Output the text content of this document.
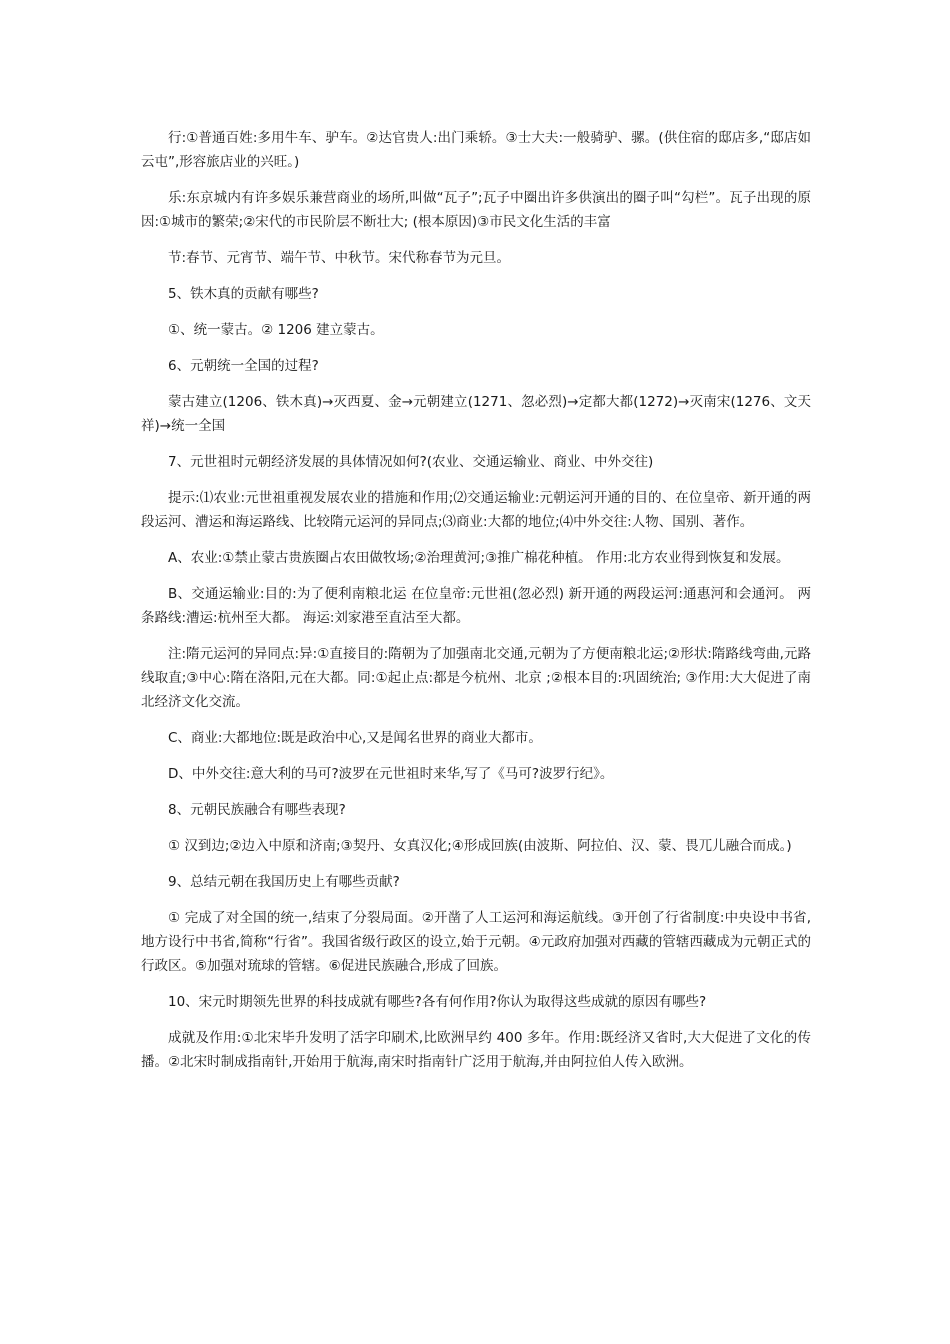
行:①普通百姓:多用牛车、驴车。②达官贵人:出门乘轿。③士大夫:一般骑驴、骡。(供住宿的邸店多,“邸店如云屯”,形容旅店业的兴旺。)

乐:东京城内有许多娱乐兼营商业的场所,叫做“瓦子”;瓦子中圈出许多供演出的圈子叫“勾栏”。瓦子出现的原因:①城市的繁荣;②宋代的市民阶层不断壮大; (根本原因)③市民文化生活的丰富

节:春节、元宵节、端午节、中秋节。宋代称春节为元旦。

5、铁木真的贡献有哪些?

①、统一蒙古。② 1206 建立蒙古。

6、元朝统一全国的过程?

蒙古建立(1206、铁木真)→灭西夏、金→元朝建立(1271、忽必烈)→定都大都(1272)→灭南宋(1276、文天祥)→统一全国

7、元世祖时元朝经济发展的具体情况如何?(农业、交通运输业、商业、中外交往)

提示:⑴农业:元世祖重视发展农业的措施和作用;⑵交通运输业:元朝运河开通的目的、在位皇帝、新开通的两段运河、漕运和海运路线、比较隋元运河的异同点;⑶商业:大都的地位;⑷中外交往:人物、国别、著作。

A、农业:①禁止蒙古贵族圈占农田做牧场;②治理黄河;③推广棉花种植。 作用:北方农业得到恢复和发展。

B、交通运输业:目的:为了便利南粮北运 在位皇帝:元世祖(忽必烈) 新开通的两段运河:通惠河和会通河。 两条路线:漕运:杭州至大都。 海运:刘家港至直沽至大都。

注:隋元运河的异同点:异:①直接目的:隋朝为了加强南北交通,元朝为了方便南粮北运;②形状:隋路线弯曲,元路线取直;③中心:隋在洛阳,元在大都。同:①起止点:都是今杭州、北京 ;②根本目的:巩固统治; ③作用:大大促进了南北经济文化交流。

C、商业:大都地位:既是政治中心,又是闻名世界的商业大都市。

D、中外交往:意大利的马可?波罗在元世祖时来华,写了《马可?波罗行纪》。

8、元朝民族融合有哪些表现?

① 汉到边;②边入中原和济南;③契丹、女真汉化;④形成回族(由波斯、阿拉伯、汉、蒙、畏兀儿融合而成。)

9、总结元朝在我国历史上有哪些贡献?

① 完成了对全国的统一,结束了分裂局面。②开凿了人工运河和海运航线。③开创了行省制度:中央设中书省,地方设行中书省,简称“行省”。我国省级行政区的设立,始于元朝。④元政府加强对西藏的管辖西藏成为元朝正式的行政区。⑤加强对琉球的管辖。⑥促进民族融合,形成了回族。

10、宋元时期领先世界的科技成就有哪些?各有何作用?你认为取得这些成就的原因有哪些?

成就及作用:①北宋毕升发明了活字印刷术,比欧洲早约 400 多年。作用:既经济又省时,大大促进了文化的传播。②北宋时制成指南针,开始用于航海,南宋时指南针广泛用于航海,并由阿拉伯人传入欧洲。
